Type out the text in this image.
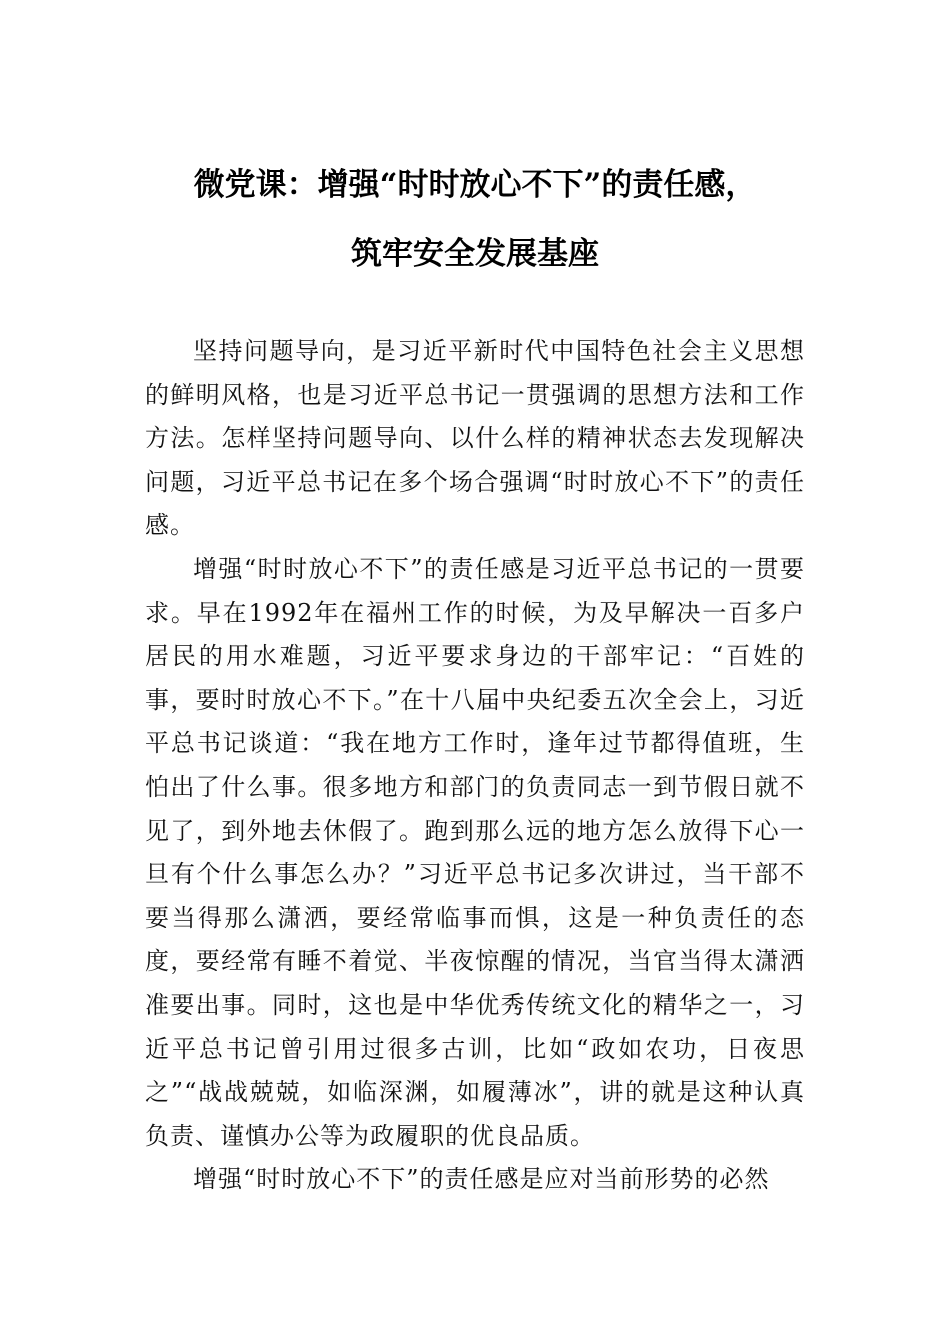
微党课：增强“时时放心不下”的责任感，
筑牢安全发展基座

坚持问题导向，是习近平新时代中国特色社会主义思想的鲜明风格，也是习近平总书记一贯强调的思想方法和工作方法。怎样坚持问题导向、以什么样的精神状态去发现解决问题，习近平总书记在多个场合强调“时时放心不下”的责任感。

增强“时时放心不下”的责任感是习近平总书记的一贯要求。早在1992年在福州工作的时候，为及早解决一百多户居民的用水难题，习近平要求身边的干部牢记：“百姓的事，要时时放心不下。”在十八届中央纪委五次全会上，习近平总书记谈道：“我在地方工作时，逢年过节都得值班，生怕出了什么事。很多地方和部门的负责同志一到节假日就不见了，到外地去休假了。跑到那么远的地方怎么放得下心一旦有个什么事怎么办？”习近平总书记多次讲过，当干部不要当得那么潇洒，要经常临事而惧，这是一种负责任的态度，要经常有睡不着觉、半夜惊醒的情况，当官当得太潇洒准要出事。同时，这也是中华优秀传统文化的精华之一，习近平总书记曾引用过很多古训，比如“政如农功，日夜思之”“战战兢兢，如临深渊，如履薄冰”，讲的就是这种认真负责、谨慎办公等为政履职的优良品质。

增强“时时放心不下”的责任感是应对当前形势的必然
